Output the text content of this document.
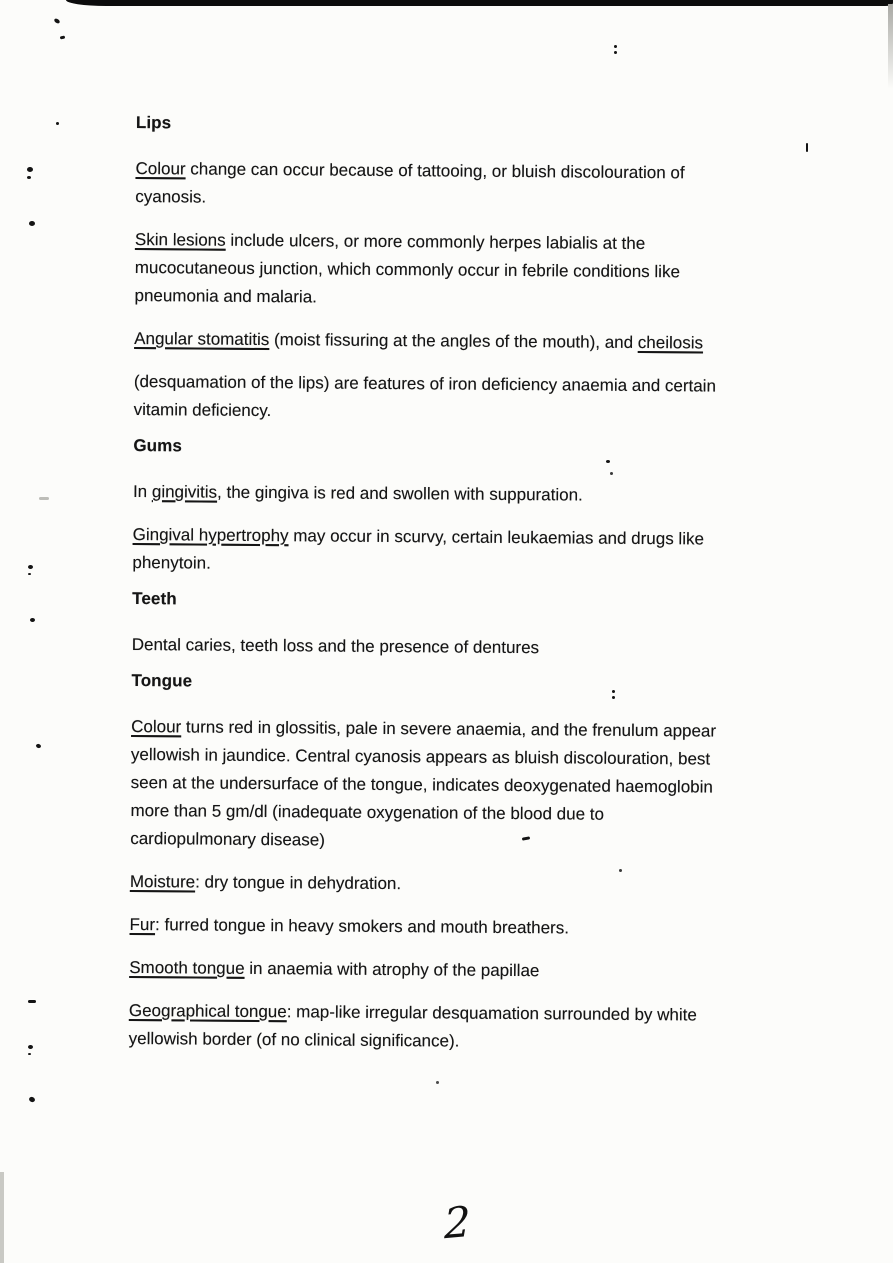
Lips

Colour change can occur because of tattooing, or bluish discolouration of
cyanosis.

Skin lesions include ulcers, or more commonly herpes labialis at the
mucocutaneous junction, which commonly occur in febrile conditions like
pneumonia and malaria.

Angular stomatitis (moist fissuring at the angles of the mouth), and cheilosis

(desquamation of the lips) are features of iron deficiency anaemia and certain
vitamin deficiency.

Gums

In gingivitis, the gingiva is red and swollen with suppuration.

Gingival hypertrophy may occur in scurvy, certain leukaemias and drugs like
phenytoin.

Teeth

Dental caries, teeth loss and the presence of dentures

Tongue

Colour turns red in glossitis, pale in severe anaemia, and the frenulum appear
yellowish in jaundice. Central cyanosis appears as bluish discolouration, best
seen at the undersurface of the tongue, indicates deoxygenated haemoglobin
more than 5 gm/dl (inadequate oxygenation of the blood due to
cardiopulmonary disease)

Moisture: dry tongue in dehydration.

Fur: furred tongue in heavy smokers and mouth breathers.

Smooth tongue in anaemia with atrophy of the papillae

Geographical tongue: map-like irregular desquamation surrounded by white
yellowish border (of no clinical significance).

2
